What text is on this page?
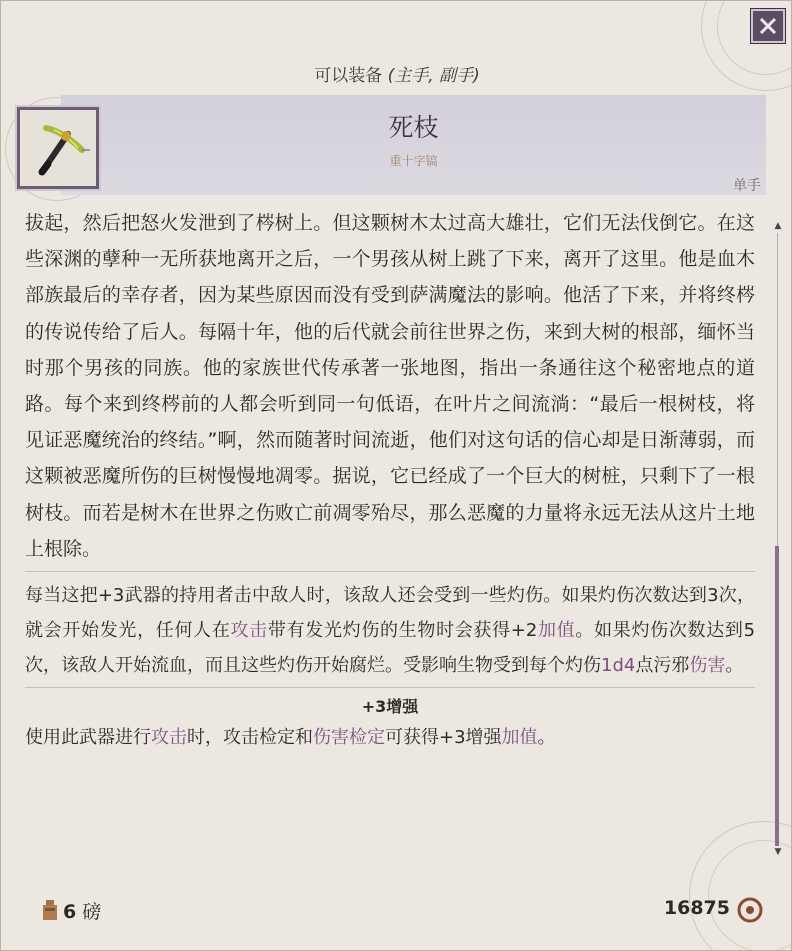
可以装备 (主手, 副手)
死枝
重十字镐
单手

拔起，然后把怒火发泄到了梣树上。但这颗树木太过高大雄壮，它们无法伐倒它。在这些深渊的孽种一无所获地离开之后，一个男孩从树上跳了下来，离开了这里。他是血木部族最后的幸存者，因为某些原因而没有受到萨满魔法的影响。他活了下来，并将终梣的传说传给了后人。每隔十年，他的后代就会前往世界之伤，来到大树的根部，缅怀当时那个男孩的同族。他的家族世代传承著一张地图，指出一条通往这个秘密地点的道路。每个来到终梣前的人都会听到同一句低语，在叶片之间流淌：“最后一根树枝，将见证恶魔统治的终结。”啊，然而随著时间流逝，他们对这句话的信心却是日渐薄弱，而这颗被恶魔所伤的巨树慢慢地凋零。据说，它已经成了一个巨大的树桩，只剩下了一根树枝。而若是树木在世界之伤败亡前凋零殆尽，那么恶魔的力量将永远无法从这片土地上根除。

每当这把+3武器的持用者击中敌人时，该敌人还会受到一些灼伤。如果灼伤次数达到3次，就会开始发光，任何人在攻击带有发光灼伤的生物时会获得+2加值。如果灼伤次数达到5次，该敌人开始流血，而且这些灼伤开始腐烂。受影响生物受到每个灼伤1d4点污邪伤害。

+3增强

使用此武器进行攻击时，攻击检定和伤害检定可获得+3增强加值。

▲
▼
6 磅	16875
